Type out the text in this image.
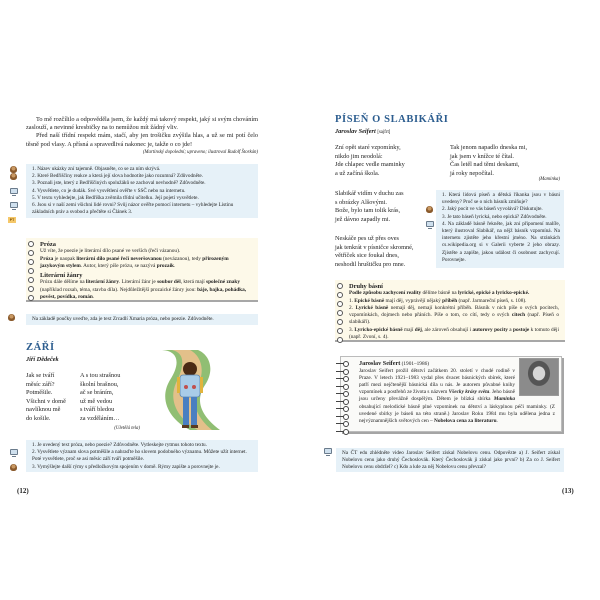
To mě rozčílilo a odpověděla jsem, že každý má takový respekt, jaký si svým chováním zaslouží, a nevinné kresbičky na to nemůžou mít žádný vliv.

Před naší třídní respekt mám, stačí, aby jen trošičku zvýšila hlas, a už se mi potí čelo těsně pod vlasy. A přísná a spravedlivá nakonec je, takže o co jde!

(Martinský dopolední; upraveno; ilustroval Rudolf Štorkán)

1. Název ukázky zní tajemně. Objasněte, co se za ním skrývá.
2. Které Bedřiščiny reakce a která její slova hodnotíte jako rozumná? Zdůvodněte.
3. Poznali jste, který z Bedřiščiných spolužáků se zachoval nevhodně? Zdůvodněte.
4. Vysvětlete, co je dudák. Své vysvětlení ověřte v SSČ nebo na internetu.
5. V textu vyhledejte, jak Bedřiška zvěmila třídní učitelku. Její pojetí vysvětlete.
6. Jsou si v naší zemi všichni lidé rovni? Svůj názor ověřte pomocí internetu – vyhledejte Listinu základních práv a svobod a přečtěte si Článek 3.
PT
Próza
Už víte, že poezie je literární dílo psané ve verších (řeči vázanou).
Próza je naopak literární dílo psané řečí neveršovanou (nevázanou), tedy přirozeným jazykovým stylem. Autor, který píše prózu, se nazývá prozaik.
Literární žánry
Prózu dále dělíme na literární žánry. Literární žánr je soubor děl, která mají společné znaky (například rozsah, téma, stavba díla). Nejdůležitější prozaické žánry jsou: báje, bajka, pohádka, pověst, povídka, román.
Na základě poučky uveďte, zda je text Zrcadlí Xmaria próza, nebo poezie. Zdůvodněte.
ZÁŘÍ
Jiří Dědeček
Jak se tváří
měsíc září?
Potměšile.
Všichni v domě
navlíknou mě
do košile.
A s tou strašnou
školní brašnou,
ač se bráním,
už mě vedou
s tváří bledou
za vzděláním…
(Uletělá tela)
1. Je uvedený text próza, nebo poezie? Zdůvodněte. Vytleskejte rytmus tohoto textu.
2. Vysvětlete význam slova potměšile a nahraďte ho slovem podobného významu. Můžete užít internet. Poté vysvětlete, proč se asi měsíc září tváří potměšile.
3. Vymýšlejte další rýmy s předložkovým spojením v domě. Rýmy zapište a porovnejte je.
(12)
PÍSEŇ O SLABIKÁŘI
Jaroslav Seifert [sajfrt]
Zní opět staré vzpomínky,
nikdo jim neodolá:
Jde chlapec vedle maminky
a už začíná škola.
Tak jenom napadlo dneska mi,
jak jsem v knížce té čítal.
Čas letěl nad těmi deskami,
já roky nepočítal.
(Maminka)
Slabikář vidím v duchu zas
s obrázky Alšovými.
Bože, bylo tam tolik krás,
jež dávno zapadly mi.
Neskáče pes už přes oves
jak tenkrát v písničce skromné,
větříček sice foukal dnes,
neshodil hruštičku pro mne.
1. Která lidová píseň a dětská říkanka jsou v básni uvedeny? Proč se o nich básník zmiňuje?
2. Jaký pocit ve vás báseň vyvolává? Diskutujte.
3. Je tato báseň lyrická, nebo epická? Zdůvodněte.
4. Na základě básně řekněte, jak zní připomení malíře, který ilustroval Slabikář, na nějž básník vzpomíná. Na internetu zjistěte jeho křestní jméno. Na stránkách cs.wikipedia.org si v Galerii vyberte 2 jeho obrazy. Zjistěte a zapište, jakou událost či osobnost zachycují. Porovnejte.
Druhy básní
Podle způsobu zachycení reality dělíme básně na lyrické, epické a lyricko-epické.
1. Epické básně mají děj, vyprávějí nějaký příběh (např. Jarmareční píseň, s. 108).
2. Lyrické básně nemají děj, nemají konkrétní příběh. Básník v nich píše o svých pocitech, vzpomínkách, dojmech nebo přáních. Píše o tom, co cítí, tedy o svých citech (např. Píseň o slabikáři).
3. Lyricko-epické básně mají děj, ale zároveň obsahují i autorovy pocity a postoje k tomuto ději (např. Zvoní, s. 4).
Jaroslav Seifert (1901–1986)
Jaroslav Seifert prožil dětství začátkem 20. století v chudé rodině v Praze. V letech 1921–1983 vydal přes dvacet básnických sbírek, které patří mezi nejčtenější básnická díla u nás. Je autorem půvabné knihy vzpomínek a postřehů ze života s názvem Všecky krásy světa. Jeho básně jsou určeny převážně dospělým. Dětem je blízká sbírka Maminka obsahující melodické básně plné vzpomínek na dětství a láskyplnou péči maminky. (Z uvedené sbírky je báseň na této straně.) Jaroslav Roku 1984 mu byla udělena jedna z nejvýznamnějších světových cen – Nobelova cena za literaturu.
Na ČT edu zhlédněte video Jaroslav Seifert získal Nobelovu cenu. Odpovězte a) J. Seifert získal Nobelovu cenu jako druhý Čechoslovák. Který Čechoslovák ji získal jako první? b) Za co J. Seifert Nobelovu cenu obdržel? c) Kdo a kde za něj Nobelovu cenu převzal?
(13)
